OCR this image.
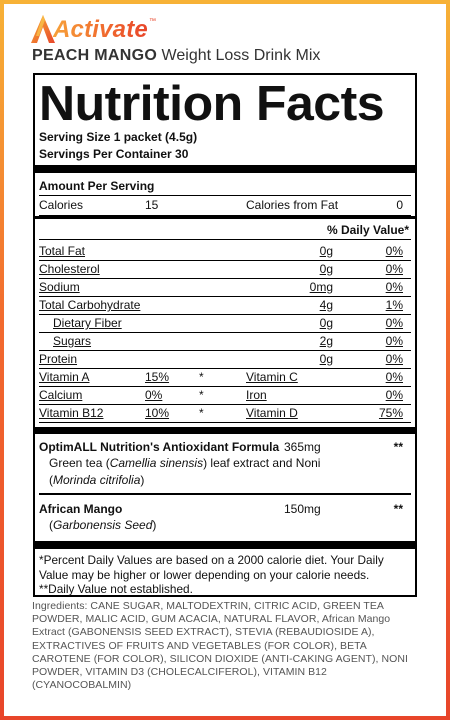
Activate ™
PEACH MANGO Weight Loss Drink Mix
Nutrition Facts
Serving Size 1 packet (4.5g)
Servings Per Container 30
Amount Per Serving
Calories	15	Calories from Fat	0
% Daily Value*
Total Fat	0g	0%
Cholesterol	0g	0%
Sodium	0mg	0%
Total Carbohydrate	4g	1%
Dietary Fiber	0g	0%
Sugars	2g	0%
Protein	0g	0%
Vitamin A	15% *	Vitamin C	0%
Calcium	0%	*	Iron	0%
Vitamin B12	10% *	Vitamin D	75%
OptimALL Nutrition's Antioxidant Formula 365mg	**
Green tea (Camellia sinensis) leaf extract and Noni
(Morinda citrifolia)
African Mango	150mg	**
(Garbonensis Seed)
*Percent Daily Values are based on a 2000 calorie diet. Your Daily Value may be higher or lower depending on your calorie needs.
**Daily Value not established.
Ingredients: CANE SUGAR, MALTODEXTRIN, CITRIC ACID, GREEN TEA POWDER, MALIC ACID, GUM ACACIA, NATURAL FLAVOR, African Mango Extract (GABONENSIS SEED EXTRACT), STEVIA (REBAUDIOSIDE A), EXTRACTIVES OF FRUITS AND VEGETABLES (FOR COLOR), BETA CAROTENE (FOR COLOR), SILICON DIOXIDE (ANTI-CAKING AGENT), NONI POWDER, VITAMIN D3 (CHOLECALCIFEROL), VITAMIN B12 (CYANOCOBALMIN)
